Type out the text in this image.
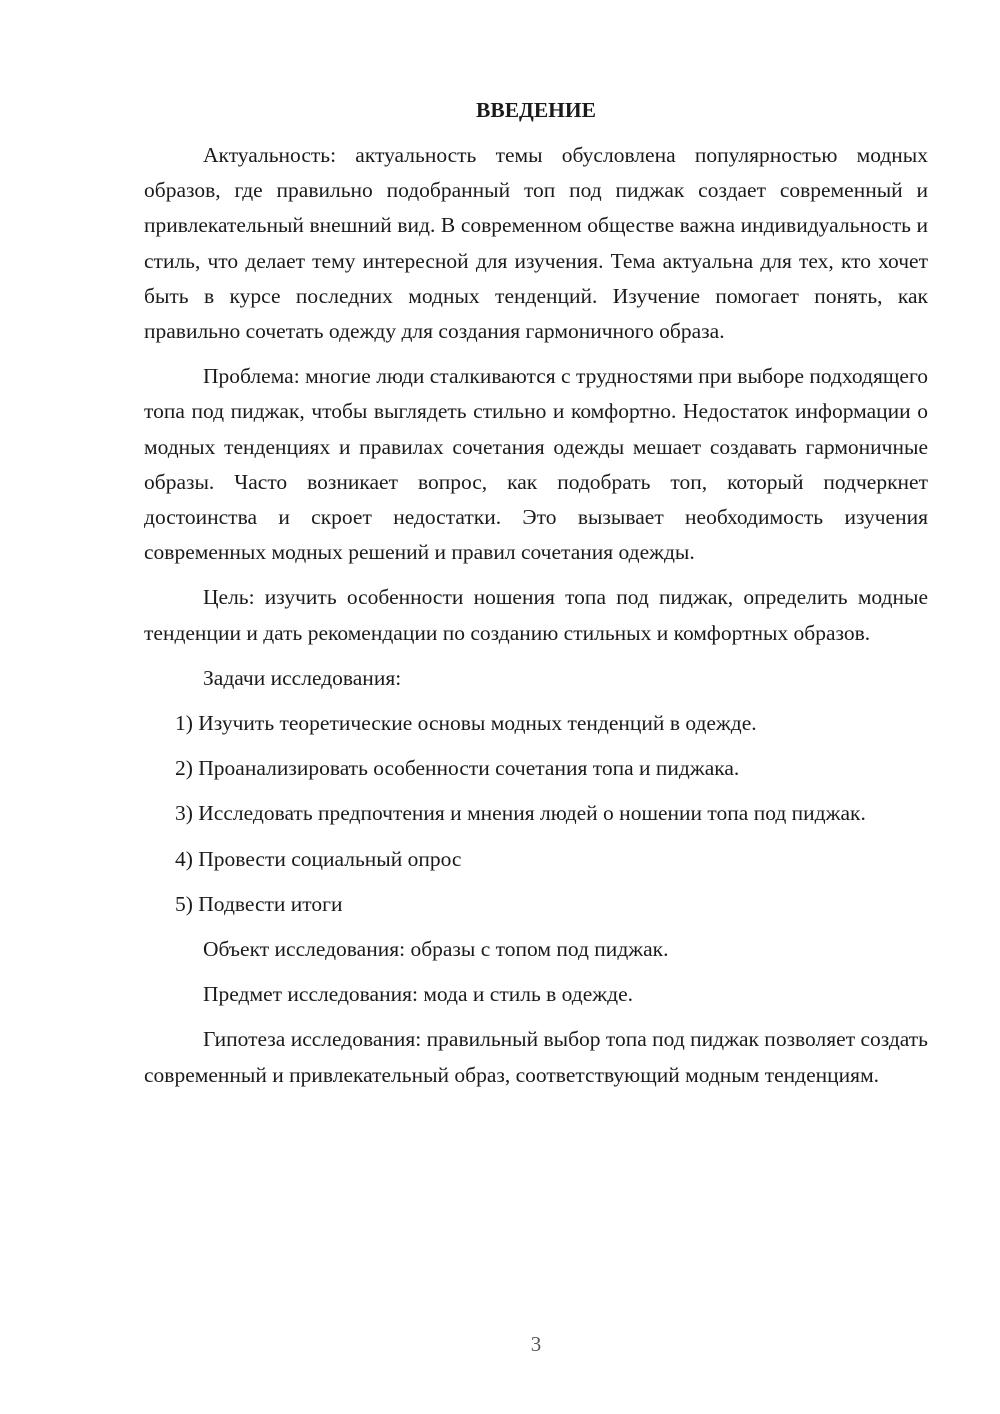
ВВЕДЕНИЕ

Актуальность: актуальность темы обусловлена популярностью модных образов, где правильно подобранный топ под пиджак создает современный и привлекательный внешний вид. В современном обществе важна индивидуальность и стиль, что делает тему интересной для изучения. Тема актуальна для тех, кто хочет быть в курсе последних модных тенденций. Изучение помогает понять, как правильно сочетать одежду для создания гармоничного образа.

Проблема: многие люди сталкиваются с трудностями при выборе подходящего топа под пиджак, чтобы выглядеть стильно и комфортно. Недостаток информации о модных тенденциях и правилах сочетания одежды мешает создавать гармоничные образы. Часто возникает вопрос, как подобрать топ, который подчеркнет достоинства и скроет недостатки. Это вызывает необходимость изучения современных модных решений и правил сочетания одежды.

Цель: изучить особенности ношения топа под пиджак, определить модные тенденции и дать рекомендации по созданию стильных и комфортных образов.

Задачи исследования:

1) Изучить теоретические основы модных тенденций в одежде.

2) Проанализировать особенности сочетания топа и пиджака.

3) Исследовать предпочтения и мнения людей о ношении топа под пиджак.

4) Провести социальный опрос

5) Подвести итоги

Объект исследования: образы с топом под пиджак.

Предмет исследования: мода и стиль в одежде.

Гипотеза исследования: правильный выбор топа под пиджак позволяет создать современный и привлекательный образ, соответствующий модным тенденциям.

3
